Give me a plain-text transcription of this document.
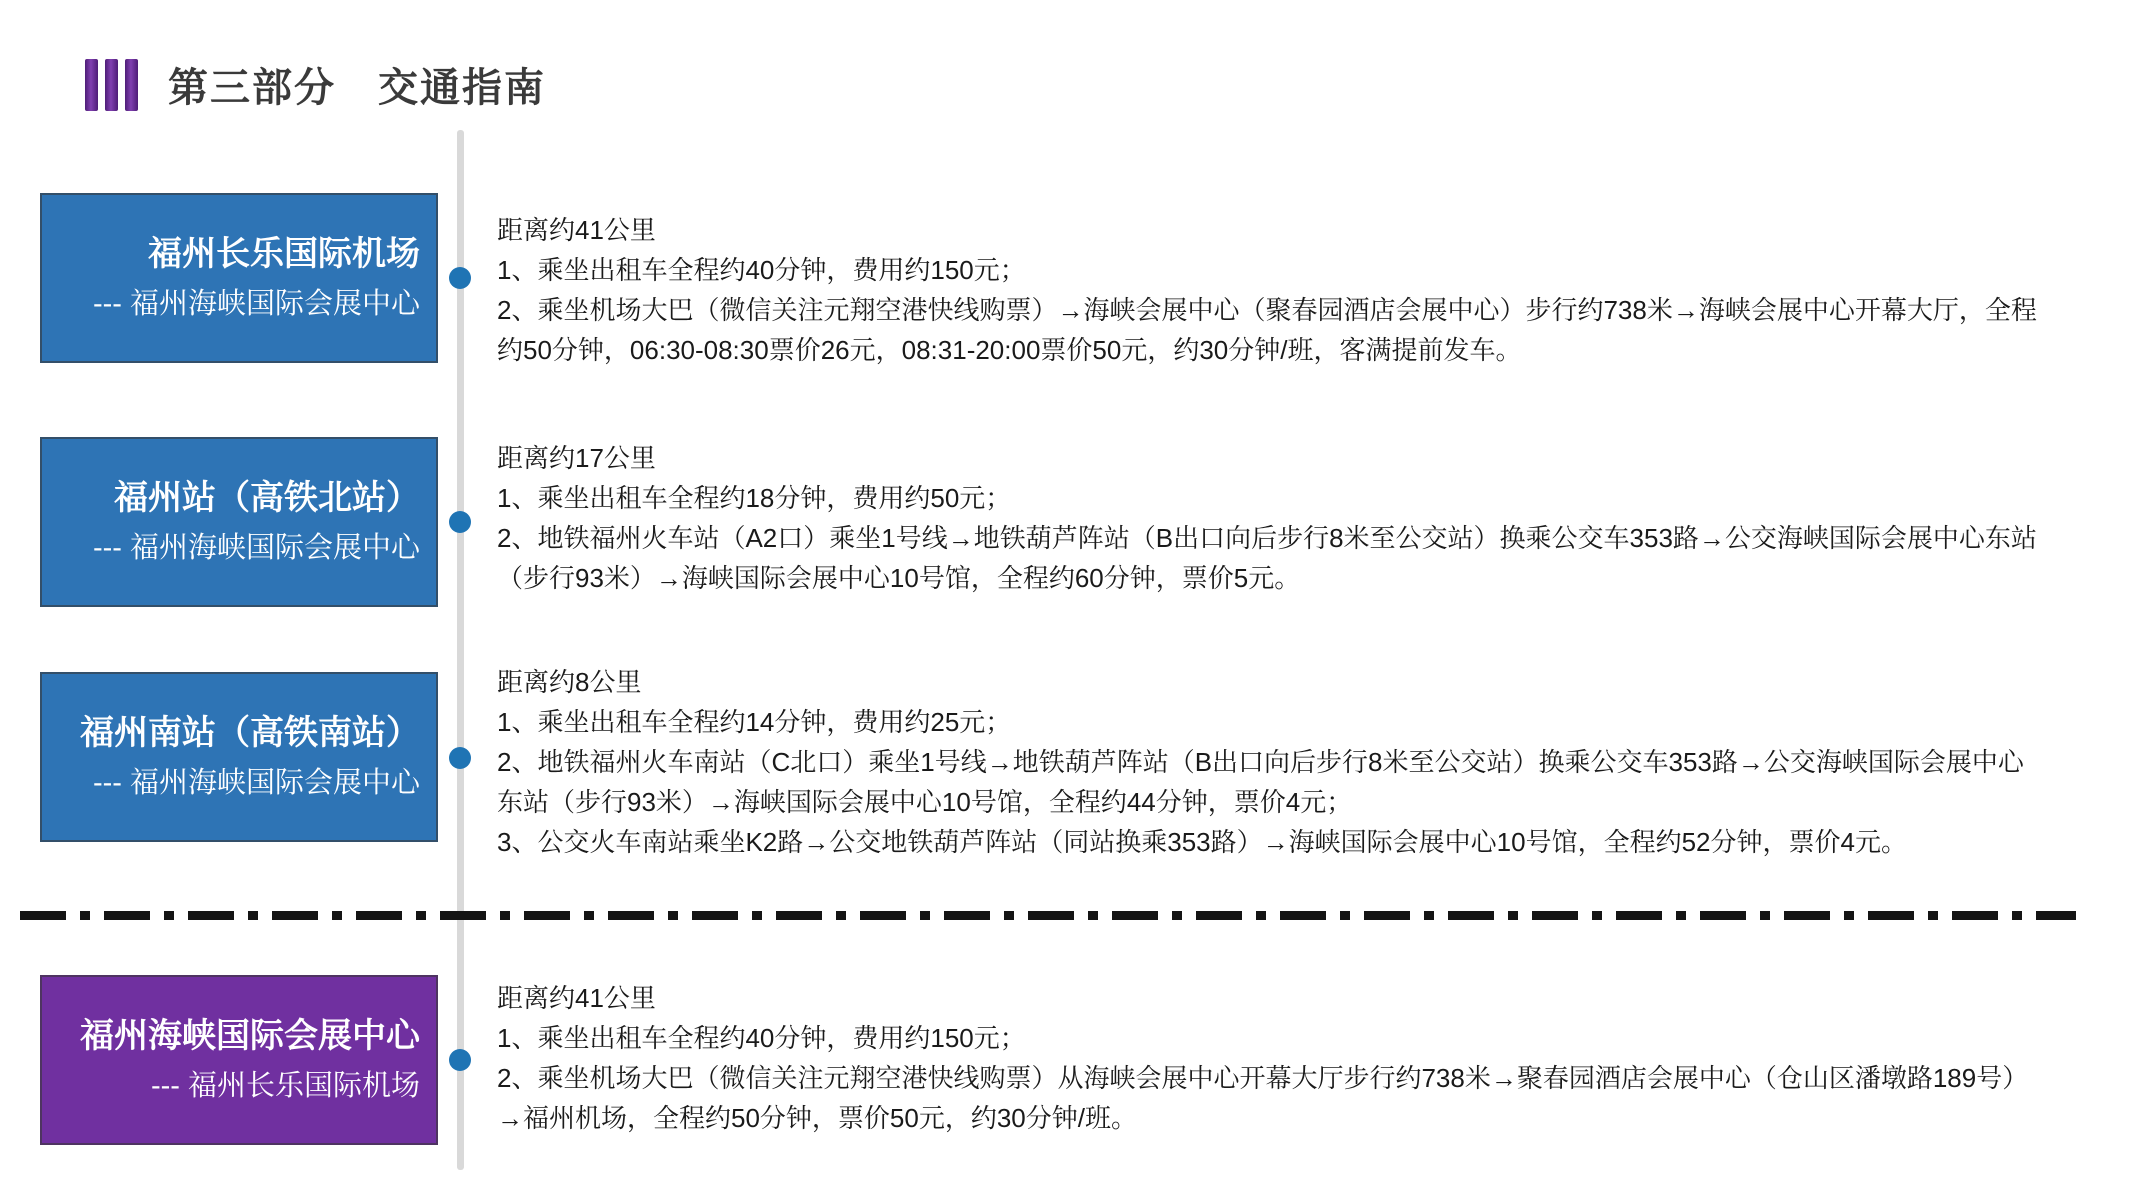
第三部分　交通指南
福州长乐国际机场
--- 福州海峡国际会展中心

距离约41公里

1、乘坐出租车全程约40分钟，费用约150元；

2、乘坐机场大巴（微信关注元翔空港快线购票）→海峡会展中心（聚春园酒店会展中心）步行约738米→海峡会展中心开幕大厅，全程约50分钟，06:30-08:30票价26元，08:31-20:00票价50元，约30分钟/班，客满提前发车。

福州站（高铁北站）
--- 福州海峡国际会展中心

距离约17公里

1、乘坐出租车全程约18分钟，费用约50元；

2、地铁福州火车站（A2口）乘坐1号线→地铁葫芦阵站（B出口向后步行8米至公交站）换乘公交车353路→公交海峡国际会展中心东站（步行93米）→海峡国际会展中心10号馆，全程约60分钟，票价5元。

福州南站（高铁南站）
--- 福州海峡国际会展中心

距离约8公里

1、乘坐出租车全程约14分钟，费用约25元；

2、地铁福州火车南站（C北口）乘坐1号线→地铁葫芦阵站（B出口向后步行8米至公交站）换乘公交车353路→公交海峡国际会展中心东站（步行93米）→海峡国际会展中心10号馆，全程约44分钟，票价4元；

3、公交火车南站乘坐K2路→公交地铁葫芦阵站（同站换乘353路）→海峡国际会展中心10号馆，全程约52分钟，票价4元。

福州海峡国际会展中心
--- 福州长乐国际机场

距离约41公里

1、乘坐出租车全程约40分钟，费用约150元；

2、乘坐机场大巴（微信关注元翔空港快线购票）从海峡会展中心开幕大厅步行约738米→聚春园酒店会展中心（仓山区潘墩路189号）→福州机场，全程约50分钟，票价50元，约30分钟/班。
